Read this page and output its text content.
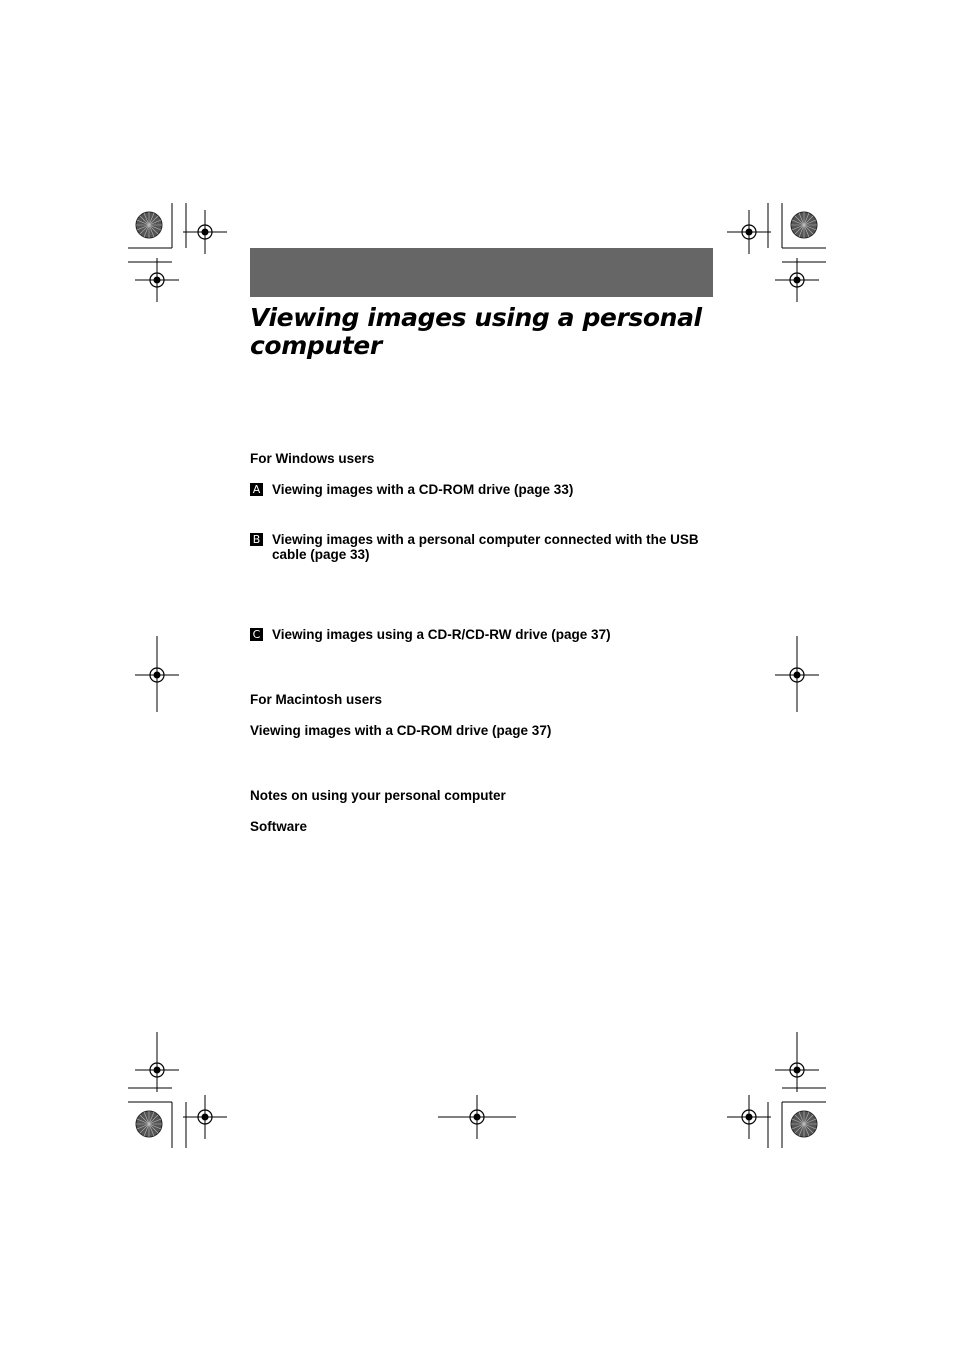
Viewing images using a personal computer
For Windows users
A Viewing images with a CD-ROM drive (page 33)
B Viewing images with a personal computer connected with the USB cable (page 33)
C Viewing images using a CD-R/CD-RW drive (page 37)
For Macintosh users
Viewing images with a CD-ROM drive (page 37)
Notes on using your personal computer
Software
